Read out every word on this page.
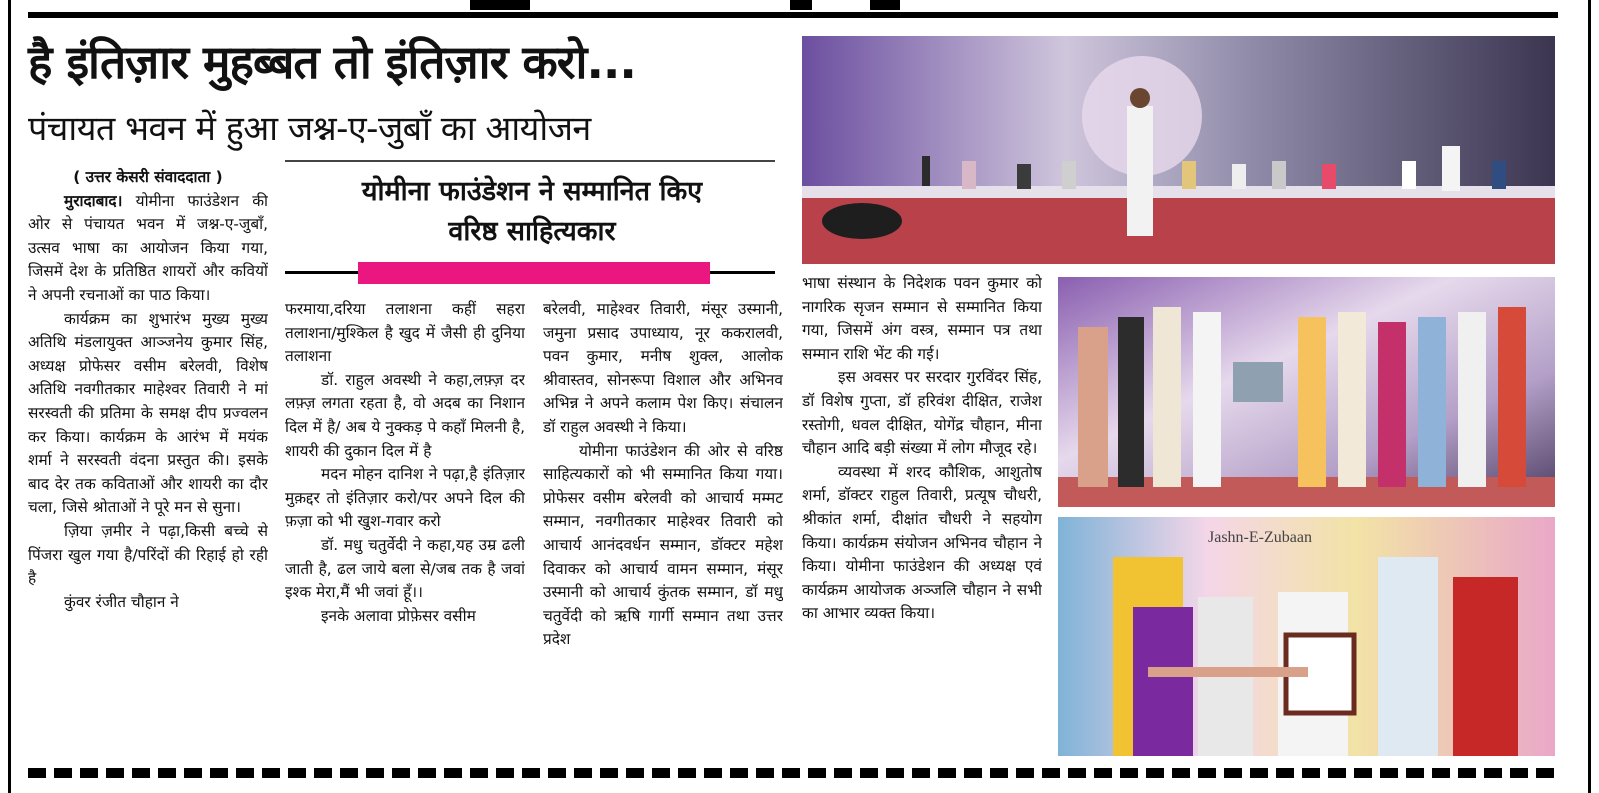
है इंतिज़ार मुहब्बत तो इंतिज़ार करो...
पंचायत भवन में हुआ जश्न-ए-जुबाँ का आयोजन
योमीना फाउंडेशन ने सम्मानित किए
वरिष्ठ साहित्यकार

( उत्तर केसरी संवाददाता )

मुरादाबाद। योमीना फाउंडेशन की ओर से पंचायत भवन में जश्न-ए-जुबाँ, उत्सव भाषा का आयोजन किया गया, जिसमें देश के प्रतिष्ठित शायरों और कवियों ने अपनी रचनाओं का पाठ किया।

कार्यक्रम का शुभारंभ मुख्य मुख्य अतिथि मंडलायुक्त आञ्जनेय कुमार सिंह, अध्यक्ष प्रोफेसर वसीम बरेलवी, विशेष अतिथि नवगीतकार माहेश्वर तिवारी ने मां सरस्वती की प्रतिमा के समक्ष दीप प्रज्वलन कर किया। कार्यक्रम के आरंभ में मयंक शर्मा ने सरस्वती वंदना प्रस्तुत की। इसके बाद देर तक कविताओं और शायरी का दौर चला, जिसे श्रोताओं ने पूरे मन से सुना।

ज़िया ज़मीर ने पढ़ा,किसी बच्चे से पिंजरा खुल गया है/परिंदों की रिहाई हो रही है

कुंवर रंजीत चौहान ने

फरमाया,दरिया तलाशना कहीं सहरा तलाशना/मुश्किल है खुद में जैसी ही दुनिया तलाशना

डॉ. राहुल अवस्थी ने कहा,लफ़्ज़ दर लफ़्ज़ लगता रहता है, वो अदब का निशान दिल में है/ अब ये नुक्कड़ पे कहाँ मिलनी है, शायरी की दुकान दिल में है

मदन मोहन दानिश ने पढ़ा,है इंतिज़ार मुक़द्दर तो इंतिज़ार करो/पर अपने दिल की फ़ज़ा को भी खुश-गवार करो

डॉ. मधु चतुर्वेदी ने कहा,यह उम्र ढली जाती है, ढल जाये बला से/जब तक है जवां इश्क मेरा,मैं भी जवां हूँ।।

इनके अलावा प्रोफ़ेसर वसीम

बरेलवी, माहेश्वर तिवारी, मंसूर उस्मानी, जमुना प्रसाद उपाध्याय, नूर ककरालवी, पवन कुमार, मनीष शुक्ल, आलोक श्रीवास्तव, सोनरूपा विशाल और अभिनव अभिन्न ने अपने कलाम पेश किए। संचालन डॉ राहुल अवस्थी ने किया।

योमीना फाउंडेशन की ओर से वरिष्ठ साहित्यकारों को भी सम्मानित किया गया। प्रोफेसर वसीम बरेलवी को आचार्य मम्मट सम्मान, नवगीतकार माहेश्वर तिवारी को आचार्य आनंदवर्धन सम्मान, डॉक्टर महेश दिवाकर को आचार्य वामन सम्मान, मंसूर उस्मानी को आचार्य कुंतक सम्मान, डॉ मधु चतुर्वेदी को ऋषि गार्गी सम्मान तथा उत्तर प्रदेश

भाषा संस्थान के निदेशक पवन कुमार को नागरिक सृजन सम्मान से सम्मानित किया गया, जिसमें अंग वस्त्र, सम्मान पत्र तथा सम्मान राशि भेंट की गई।

इस अवसर पर सरदार गुरविंदर सिंह, डॉ विशेष गुप्ता, डॉ हरिवंश दीक्षित, राजेश रस्तोगी, धवल दीक्षित, योगेंद्र चौहान, मीना चौहान आदि बड़ी संख्या में लोग मौजूद रहे।

व्यवस्था में शरद कौशिक, आशुतोष शर्मा, डॉक्टर राहुल तिवारी, प्रत्यूष चौधरी, श्रीकांत शर्मा, दीक्षांत चौधरी ने सहयोग किया। कार्यक्रम संयोजन अभिनव चौहान ने किया। योमीना फाउंडेशन की अध्यक्ष एवं कार्यक्रम आयोजक अञ्जलि चौहान ने सभी का आभार व्यक्त किया।

Jashn-E-Zubaan
